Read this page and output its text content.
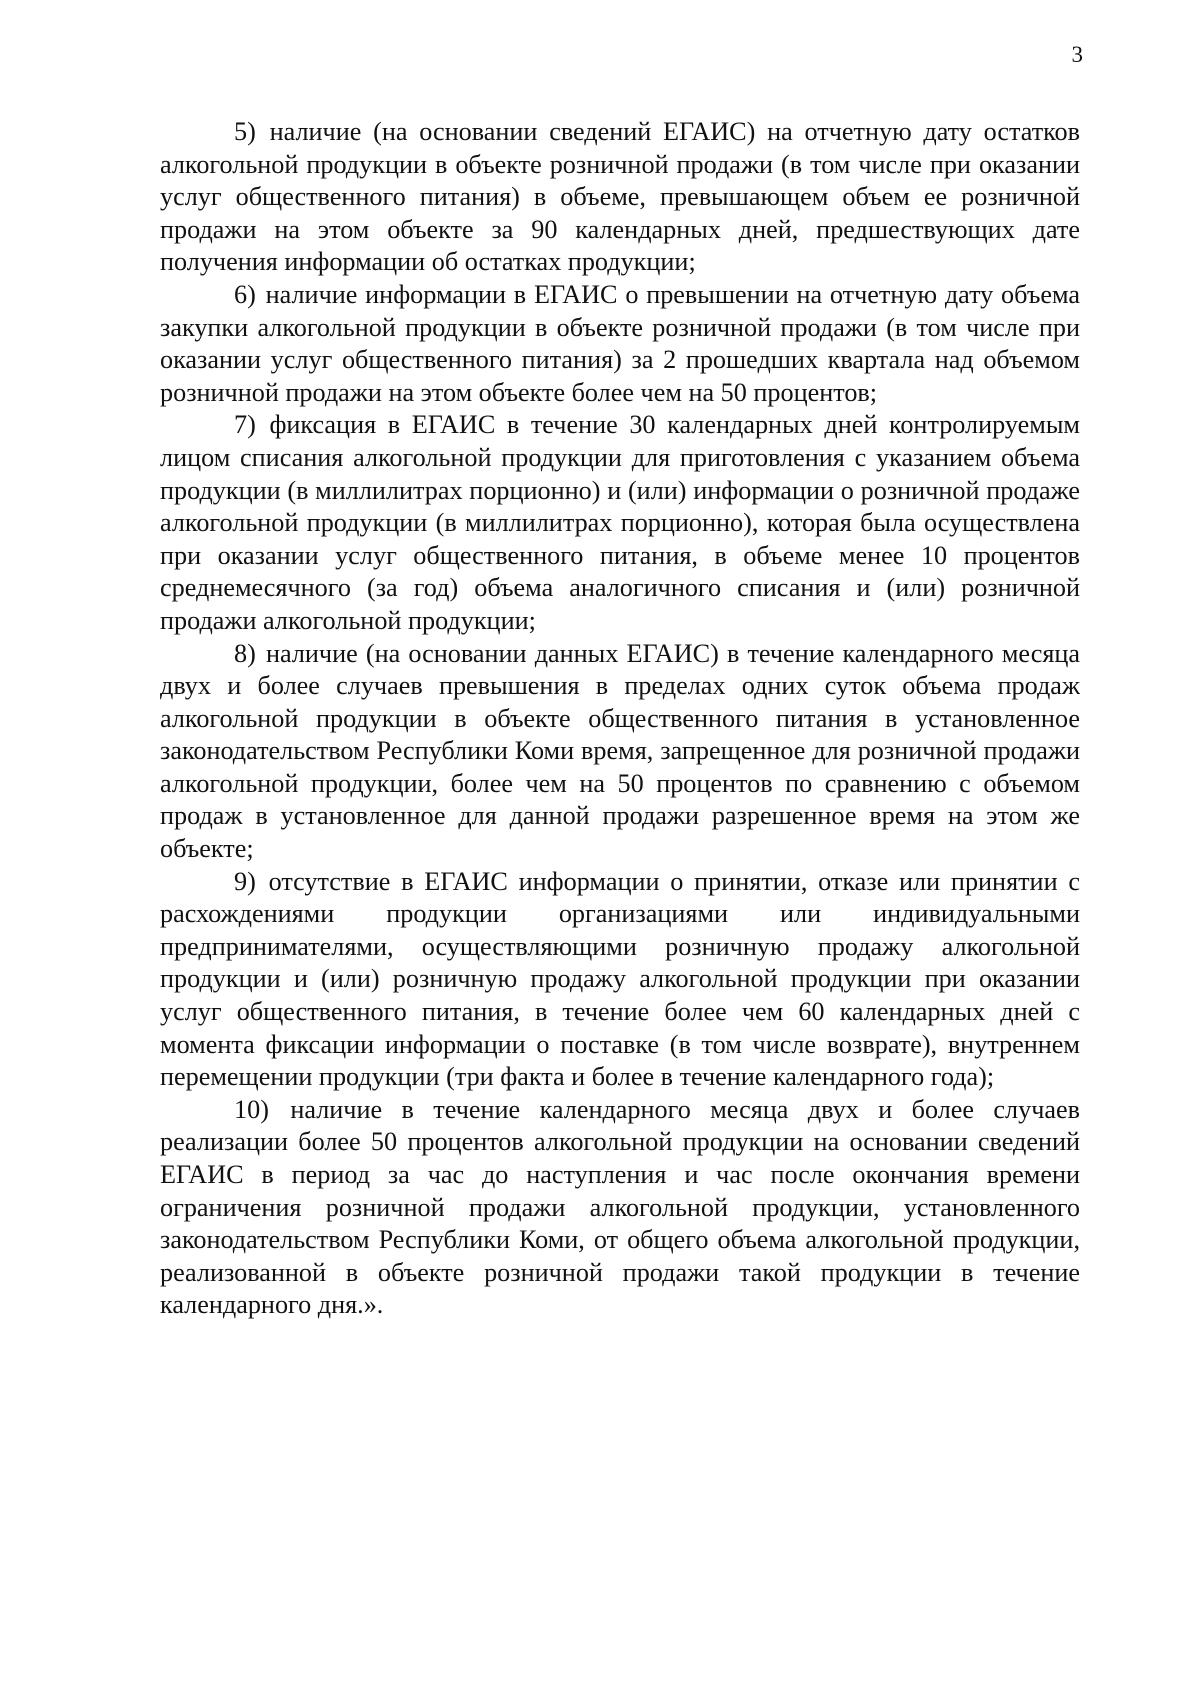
3

5) наличие (на основании сведений ЕГАИС) на отчетную дату остатков алкогольной продукции в объекте розничной продажи (в том числе при оказании услуг общественного питания) в объеме, превышающем объем ее розничной продажи на этом объекте за 90 календарных дней, предшествующих дате получения информации об остатках продукции;

6) наличие информации в ЕГАИС о превышении на отчетную дату объема закупки алкогольной продукции в объекте розничной продажи (в том числе при оказании услуг общественного питания) за 2 прошедших квартала над объемом розничной продажи на этом объекте более чем на 50 процентов;

7) фиксация в ЕГАИС в течение 30 календарных дней контролируемым лицом списания алкогольной продукции для приготовления с указанием объема продукции (в миллилитрах порционно) и (или) информации о розничной продаже алкогольной продукции (в миллилитрах порционно), которая была осуществлена при оказании услуг общественного питания, в объеме менее 10 процентов среднемесячного (за год) объема аналогичного списания и (или) розничной продажи алкогольной продукции;

8) наличие (на основании данных ЕГАИС) в течение календарного месяца двух и более случаев превышения в пределах одних суток объема продаж алкогольной продукции в объекте общественного питания в установленное законодательством Республики Коми время, запрещенное для розничной продажи алкогольной продукции, более чем на 50 процентов по сравнению с объемом продаж в установленное для данной продажи разрешенное время на этом же объекте;

9) отсутствие в ЕГАИС информации о принятии, отказе или принятии с расхождениями продукции организациями или индивидуальными предпринимателями, осуществляющими розничную продажу алкогольной продукции и (или) розничную продажу алкогольной продукции при оказании услуг общественного питания, в течение более чем 60 календарных дней с момента фиксации информации о поставке (в том числе возврате), внутреннем перемещении продукции (три факта и более в течение календарного года);

10) наличие в течение календарного месяца двух и более случаев реализации более 50 процентов алкогольной продукции на основании сведений ЕГАИС в период за час до наступления и час после окончания времени ограничения розничной продажи алкогольной продукции, установленного законодательством Республики Коми, от общего объема алкогольной продукции, реализованной в объекте розничной продажи такой продукции в течение календарного дня.».
